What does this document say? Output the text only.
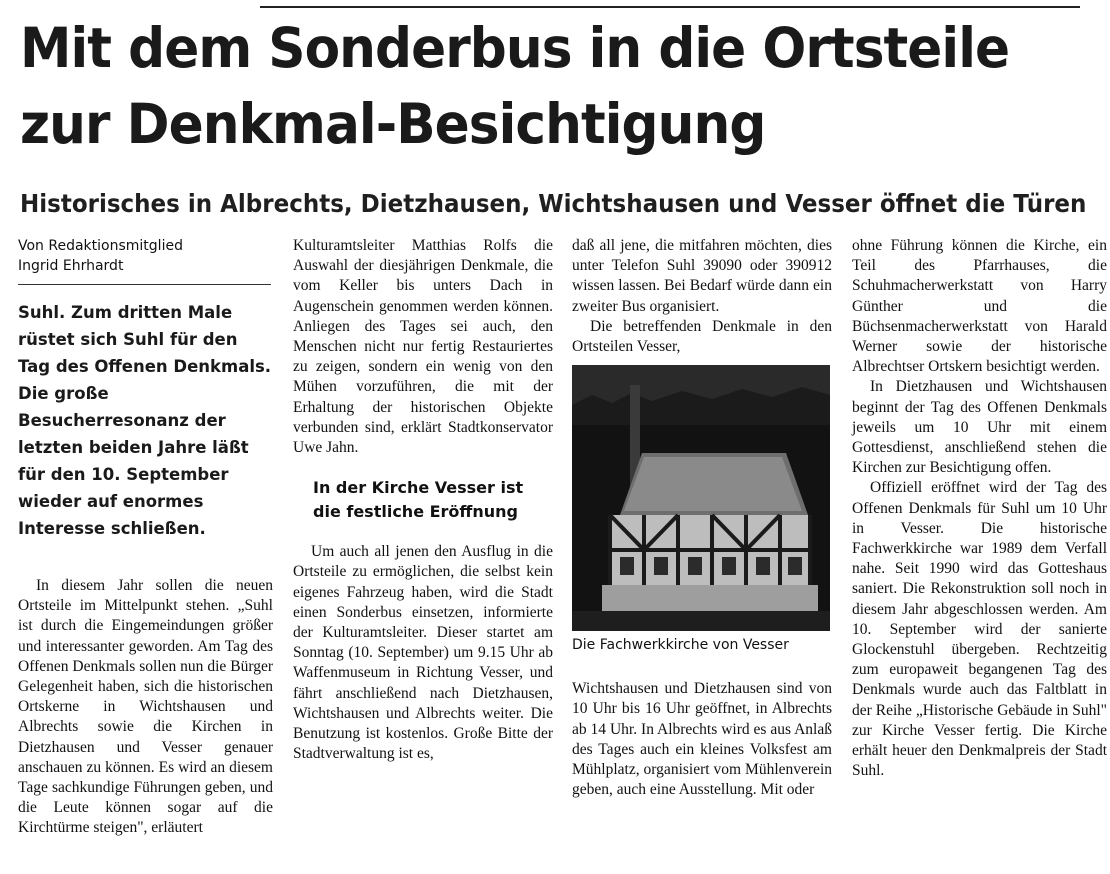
Mit dem Sonderbus in die Ortsteile
zur Denkmal-Besichtigung
Historisches in Albrechts, Dietzhausen, Wichtshausen und Vesser öffnet die Türen
Von Redaktionsmitglied
Ingrid Ehrhardt
Suhl. Zum dritten Male rüstet sich Suhl für den Tag des Offenen Denkmals. Die große Besucherresonanz der letzten beiden Jahre läßt für den 10. September wieder auf enormes Interesse schließen.

In diesem Jahr sollen die neuen Ortsteile im Mittelpunkt stehen. „Suhl ist durch die Eingemeindungen größer und interessanter geworden. Am Tag des Offenen Denkmals sollen nun die Bürger Gelegenheit haben, sich die historischen Ortskerne in Wichtshausen und Albrechts sowie die Kirchen in Dietzhausen und Vesser genauer anschauen zu können. Es wird an diesem Tage sachkundige Führungen geben, und die Leute können sogar auf die Kirchtürme steigen", erläutert

Kulturamtsleiter Matthias Rolfs die Auswahl der diesjährigen Denkmale, die vom Keller bis unters Dach in Augenschein genommen werden können. Anliegen des Tages sei auch, den Menschen nicht nur fertig Restauriertes zu zeigen, sondern ein wenig von den Mühen vorzuführen, die mit der Erhaltung der historischen Objekte verbunden sind, erklärt Stadtkonservator Uwe Jahn.

In der Kirche Vesser ist
die festliche Eröffnung

Um auch all jenen den Ausflug in die Ortsteile zu ermöglichen, die selbst kein eigenes Fahrzeug haben, wird die Stadt einen Sonderbus einsetzen, informierte der Kulturamtsleiter. Dieser startet am Sonntag (10. September) um 9.15 Uhr ab Waffenmuseum in Richtung Vesser, und fährt anschließend nach Dietzhausen, Wichtshausen und Albrechts weiter. Die Benutzung ist kostenlos. Große Bitte der Stadtverwaltung ist es,

daß all jene, die mitfahren möchten, dies unter Telefon Suhl 39090 oder 390912 wissen lassen. Bei Bedarf würde dann ein zweiter Bus organisiert.

Die betreffenden Denkmale in den Ortsteilen Vesser,

Die Fachwerkkirche von Vesser

Wichtshausen und Dietzhausen sind von 10 Uhr bis 16 Uhr geöffnet, in Albrechts ab 14 Uhr. In Albrechts wird es aus Anlaß des Tages auch ein kleines Volksfest am Mühlplatz, organisiert vom Mühlenverein geben, auch eine Ausstellung. Mit oder

ohne Führung können die Kirche, ein Teil des Pfarrhauses, die Schuhmacherwerkstatt von Harry Günther und die Büchsenmacherwerkstatt von Harald Werner sowie der historische Albrechtser Ortskern besichtigt werden.

In Dietzhausen und Wichtshausen beginnt der Tag des Offenen Denkmals jeweils um 10 Uhr mit einem Gottesdienst, anschließend stehen die Kirchen zur Besichtigung offen.

Offiziell eröffnet wird der Tag des Offenen Denkmals für Suhl um 10 Uhr in Vesser. Die historische Fachwerkkirche war 1989 dem Verfall nahe. Seit 1990 wird das Gotteshaus saniert. Die Rekonstruktion soll noch in diesem Jahr abgeschlossen werden. Am 10. September wird der sanierte Glockenstuhl übergeben. Rechtzeitig zum europaweit begangenen Tag des Denkmals wurde auch das Faltblatt in der Reihe „Historische Gebäude in Suhl" zur Kirche Vesser fertig. Die Kirche erhält heuer den Denkmalpreis der Stadt Suhl.
